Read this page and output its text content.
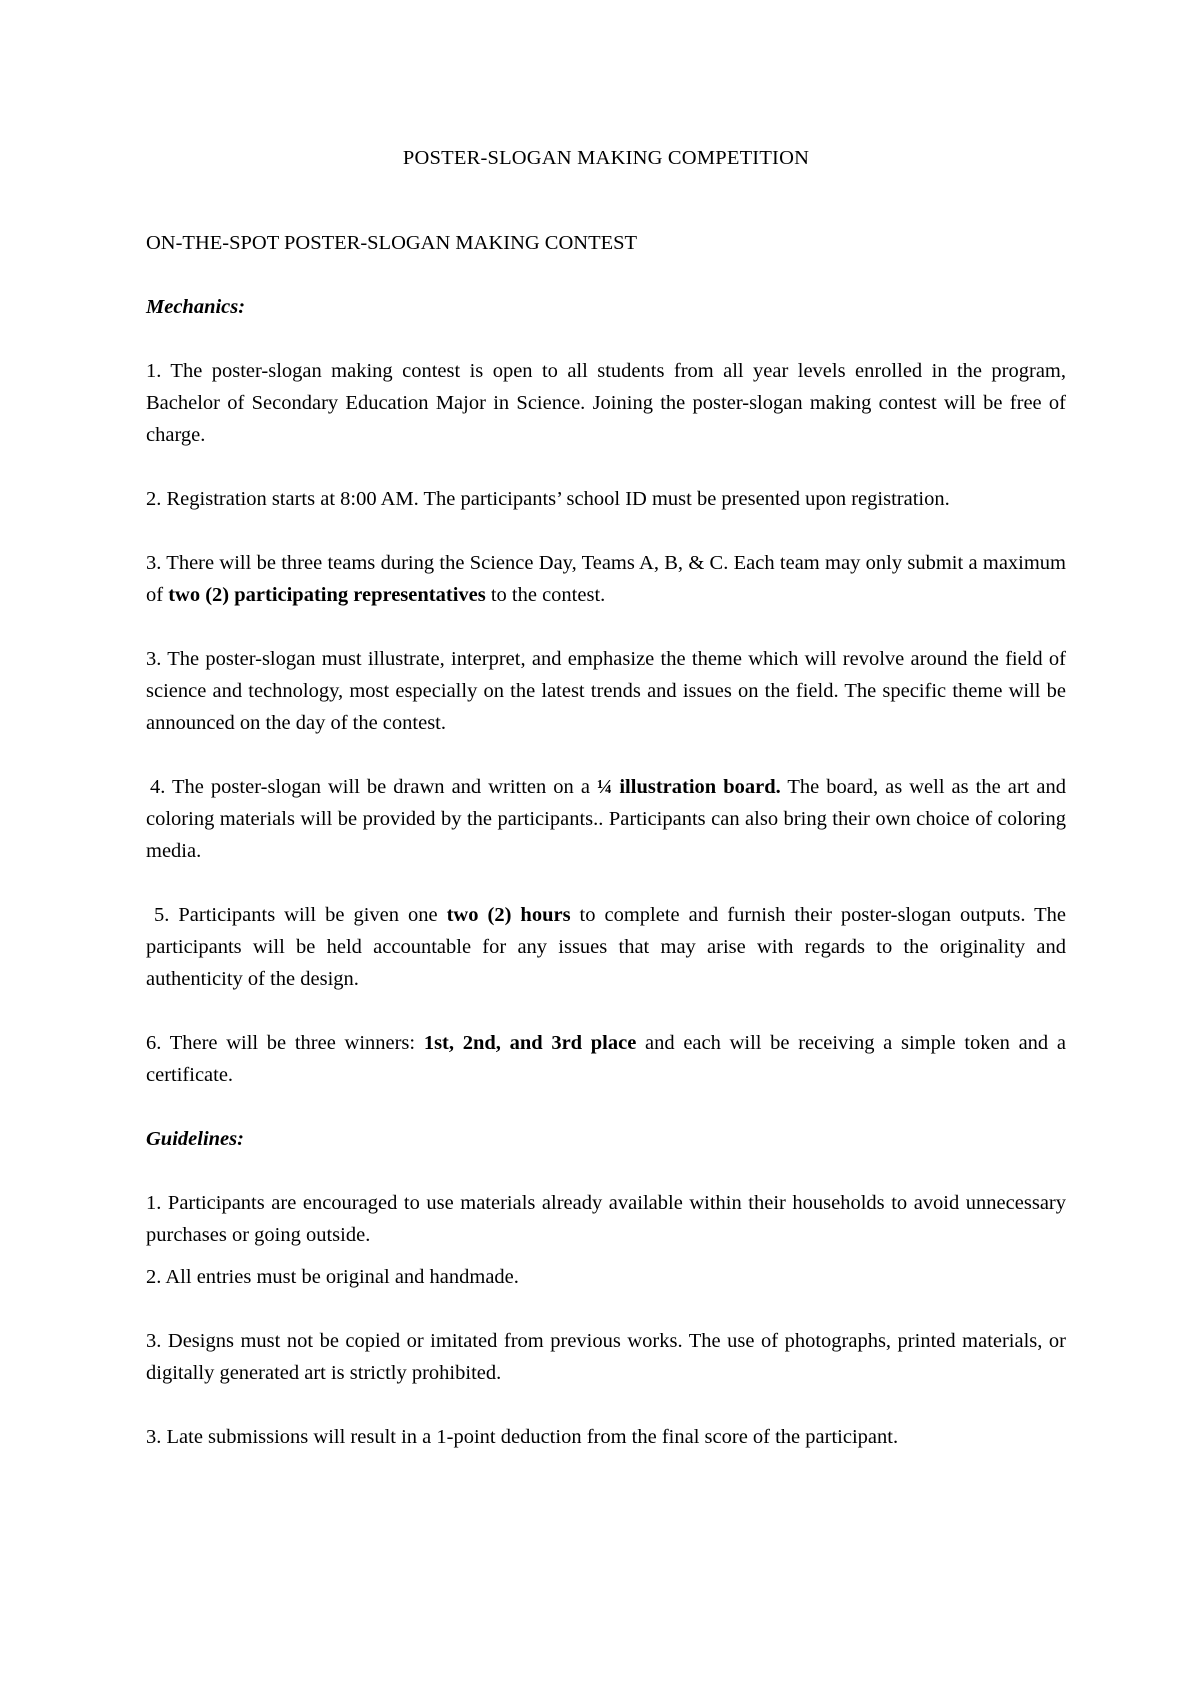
POSTER-SLOGAN MAKING COMPETITION
ON-THE-SPOT POSTER-SLOGAN MAKING CONTEST
Mechanics:

1. The poster-slogan making contest is open to all students from all year levels enrolled in the program, Bachelor of Secondary Education Major in Science. Joining the poster-slogan making contest will be free of charge.

2. Registration starts at 8:00 AM. The participants’ school ID must be presented upon registration.

3. There will be three teams during the Science Day, Teams A, B, & C. Each team may only submit a maximum of two (2) participating representatives to the contest.

3. The poster-slogan must illustrate, interpret, and emphasize the theme which will revolve around the field of science and technology, most especially on the latest trends and issues on the field. The specific theme will be announced on the day of the contest.

4. The poster-slogan will be drawn and written on a ¼ illustration board. The board, as well as the art and coloring materials will be provided by the participants.. Participants can also bring their own choice of coloring media.

5. Participants will be given one two (2) hours to complete and furnish their poster-slogan outputs. The participants will be held accountable for any issues that may arise with regards to the originality and authenticity of the design.

6. There will be three winners: 1st, 2nd, and 3rd place and each will be receiving a simple token and a certificate.

Guidelines:

1. Participants are encouraged to use materials already available within their households to avoid unnecessary purchases or going outside.

2. All entries must be original and handmade.

3. Designs must not be copied or imitated from previous works. The use of photographs, printed materials, or digitally generated art is strictly prohibited.

3. Late submissions will result in a 1-point deduction from the final score of the participant.
